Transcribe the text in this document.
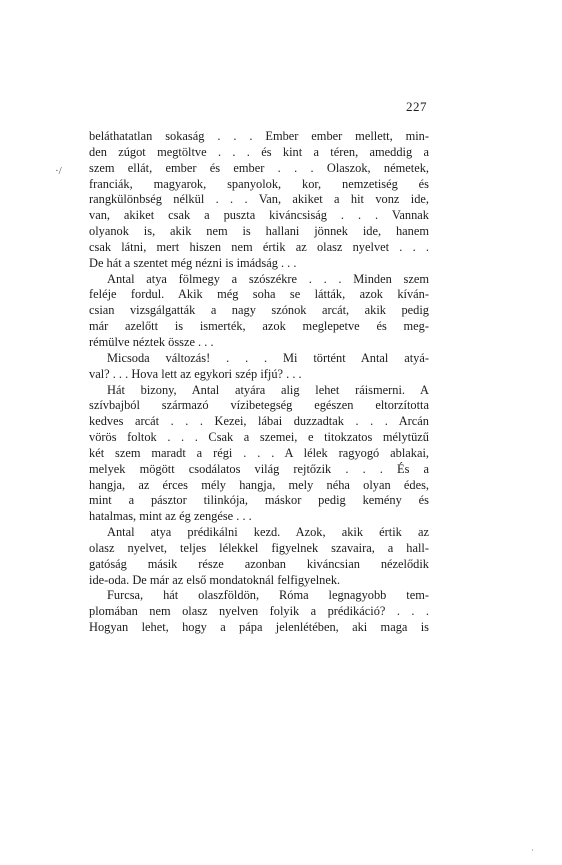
227
·/
beláthatatlan sokaság . . . Ember ember mellett, min-
den zúgot megtöltve . . . és kint a téren, ameddig a
szem ellát, ember és ember . . . Olaszok, németek,
franciák, magyarok, spanyolok, kor, nemzetiség és
rangkülönbség nélkül . . . Van, akiket a hit vonz ide,
van, akiket csak a puszta kiváncsiság . . . Vannak
olyanok is, akik nem is hallani jönnek ide, hanem
csak látni, mert hiszen nem értik az olasz nyelvet . . .
De hát a szentet még nézni is imádság . . .
Antal atya fölmegy a szószékre . . . Minden szem
feléje fordul. Akik még soha se látták, azok kíván-
csian vizsgálgatták a nagy szónok arcát, akik pedig
már azelőtt is ismerték, azok meglepetve és meg-
rémülve néztek össze . . .
Micsoda változás! . . . Mi történt Antal atyá-
val? . . . Hova lett az egykori szép ifjú? . . .
Hát bizony, Antal atyára alig lehet ráismerni. A
szívbajból származó vízibetegség egészen eltorzította
kedves arcát . . . Kezei, lábai duzzadtak . . . Arcán
vörös foltok . . . Csak a szemei, e titokzatos mélytüzű
két szem maradt a régi . . . A lélek ragyogó ablakai,
melyek mögött csodálatos világ rejtőzik . . . És a
hangja, az érces mély hangja, mely néha olyan édes,
mint a pásztor tilinkója, máskor pedig kemény és
hatalmas, mint az ég zengése . . .
Antal atya prédikálni kezd. Azok, akik értik az
olasz nyelvet, teljes lélekkel figyelnek szavaira, a hall-
gatóság másik része azonban kiváncsian nézelődik
ide-oda. De már az első mondatoknál felfigyelnek.
Furcsa, hát olaszföldön, Róma legnagyobb tem-
plomában nem olasz nyelven folyik a prédikáció? . . .
Hogyan lehet, hogy a pápa jelenlétében, aki maga is
·
